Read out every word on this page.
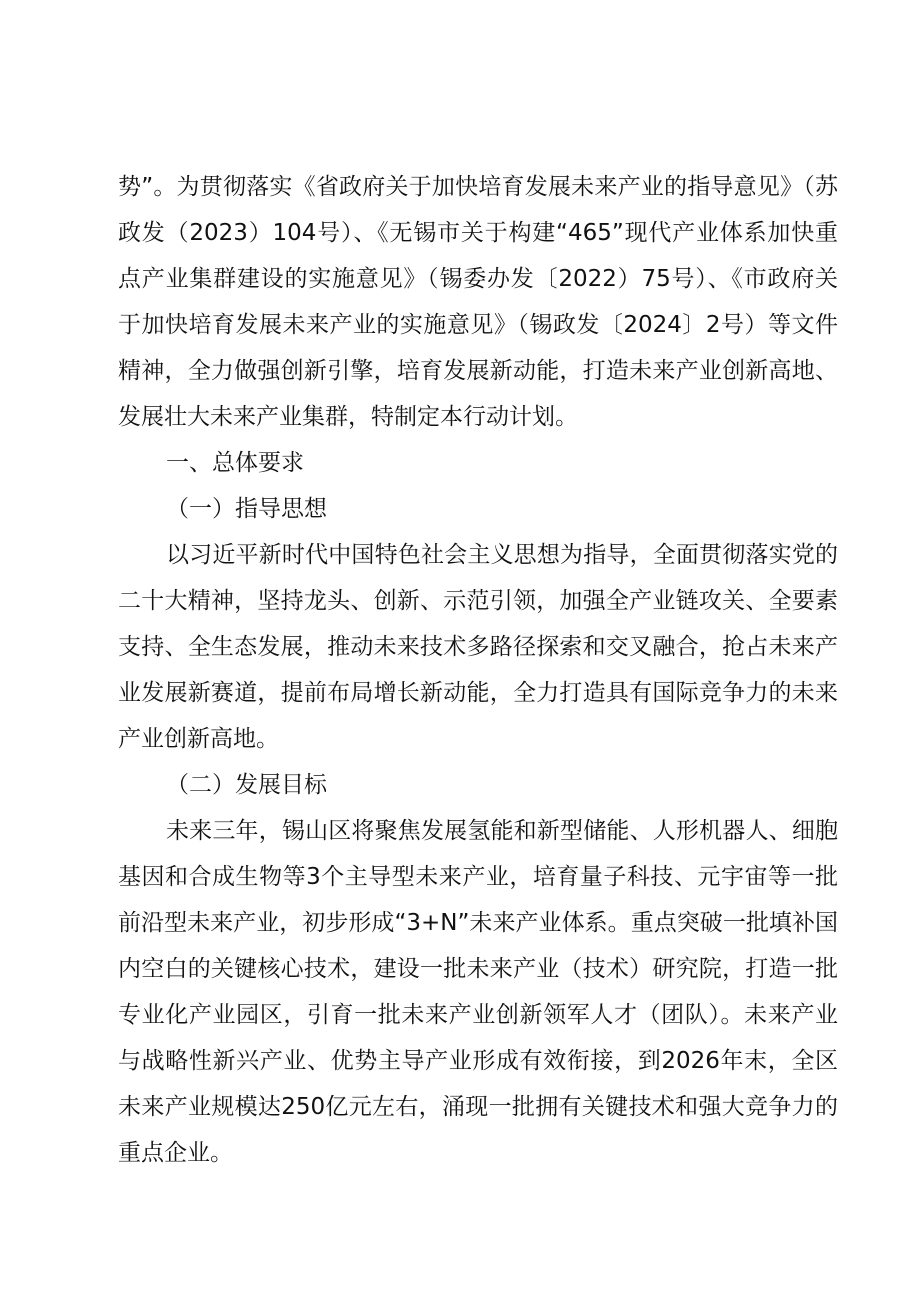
势”。为贯彻落实《省政府关于加快培育发展未来产业的指导意见》（苏政发（2023）104号）、《无锡市关于构建“465”现代产业体系加快重点产业集群建设的实施意见》（锡委办发〔2022）75号）、《市政府关于加快培育发展未来产业的实施意见》（锡政发〔2024〕2号）等文件精神，全力做强创新引擎，培育发展新动能，打造未来产业创新高地、发展壮大未来产业集群，特制定本行动计划。

一、总体要求

（一）指导思想

以习近平新时代中国特色社会主义思想为指导，全面贯彻落实党的二十大精神，坚持龙头、创新、示范引领，加强全产业链攻关、全要素支持、全生态发展，推动未来技术多路径探索和交叉融合，抢占未来产业发展新赛道，提前布局增长新动能，全力打造具有国际竞争力的未来产业创新高地。

（二）发展目标

未来三年，锡山区将聚焦发展氢能和新型储能、人形机器人、细胞基因和合成生物等3个主导型未来产业，培育量子科技、元宇宙等一批前沿型未来产业，初步形成“3+N”未来产业体系。重点突破一批填补国内空白的关键核心技术，建设一批未来产业（技术）研究院，打造一批专业化产业园区，引育一批未来产业创新领军人才（团队）。未来产业与战略性新兴产业、优势主导产业形成有效衔接，到2026年末，全区未来产业规模达250亿元左右，涌现一批拥有关键技术和强大竞争力的重点企业。
